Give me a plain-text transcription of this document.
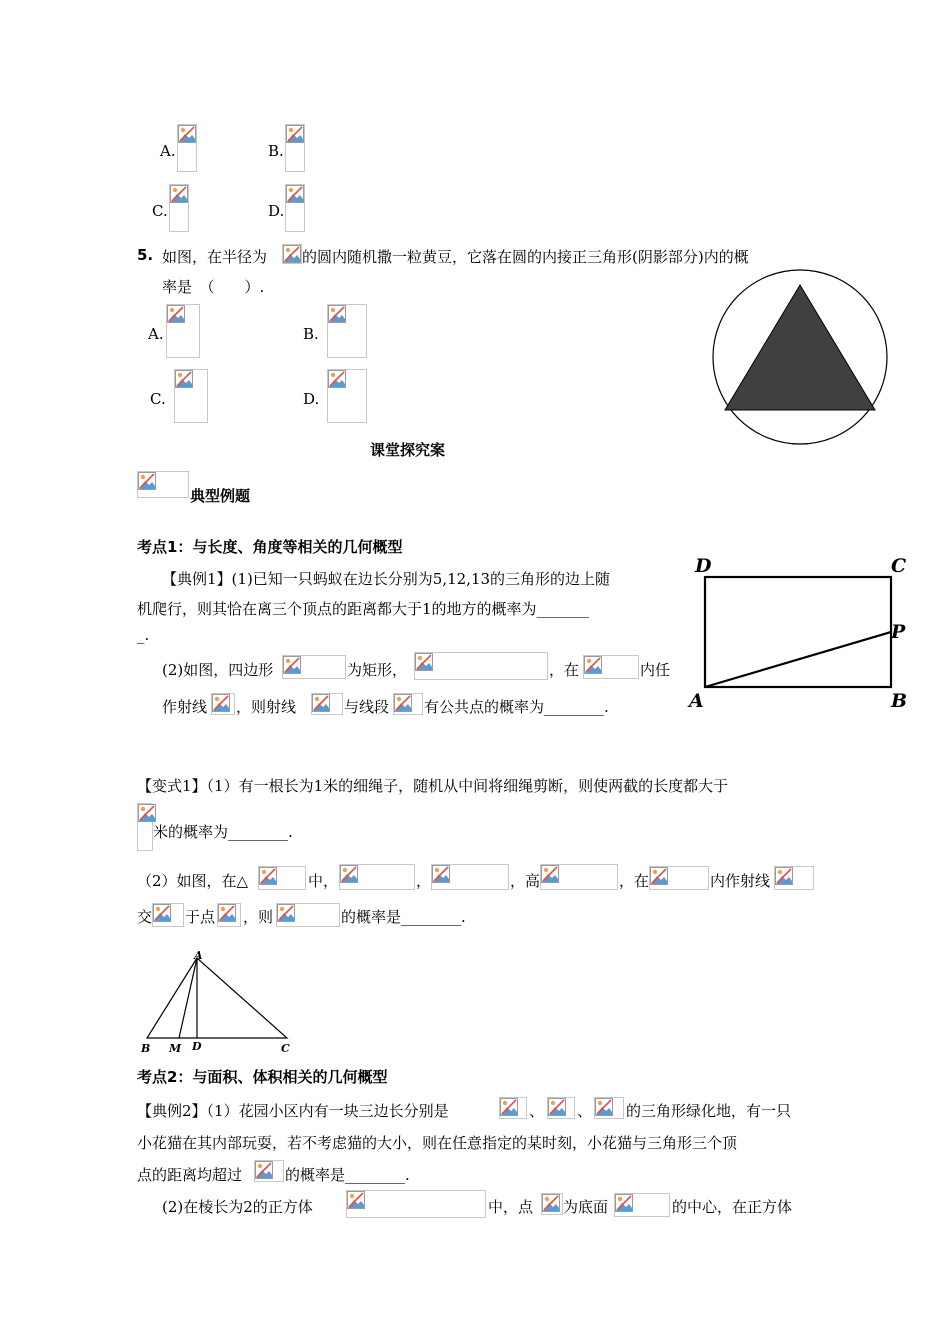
A.	B.
C.	D.
5. 如图，在半径为 的圆内随机撒一粒黄豆，它落在圆的内接正三角形(阴影部分)内的概
率是　（　　）.
A.	B.
C.	D.
课堂探究案
典型例题
考点1：与长度、角度等相关的几何概型
【典例1】(1)已知一只蚂蚁在边长分别为5,12,13的三角形的边上随
机爬行，则其恰在离三个顶点的距离都大于1的地方的概率为_______
_.
(2)如图，四边形	为矩形，	，在	内任
作射线 ，则射线	与线段 有公共点的概率为________.
D	C
P
A	B
【变式1】（1）有一根长为1米的细绳子，随机从中间将细绳剪断，则使两截的长度都大于
米的概率为________.
（2）如图，在△	中，	，	，高	，在	内作射线
交 于点 ，则	的概率是________.
A
B M D	C
考点2：与面积、体积相关的几何概型
【典例2】（1）花园小区内有一块三边长分别是	、 、 的三角形绿化地，有一只
小花猫在其内部玩耍，若不考虑猫的大小，则在任意指定的某时刻，小花猫与三角形三个顶
点的距离均超过	的概率是________.
(2)在棱长为2的正方体	中，点 为底面	的中心，在正方体
